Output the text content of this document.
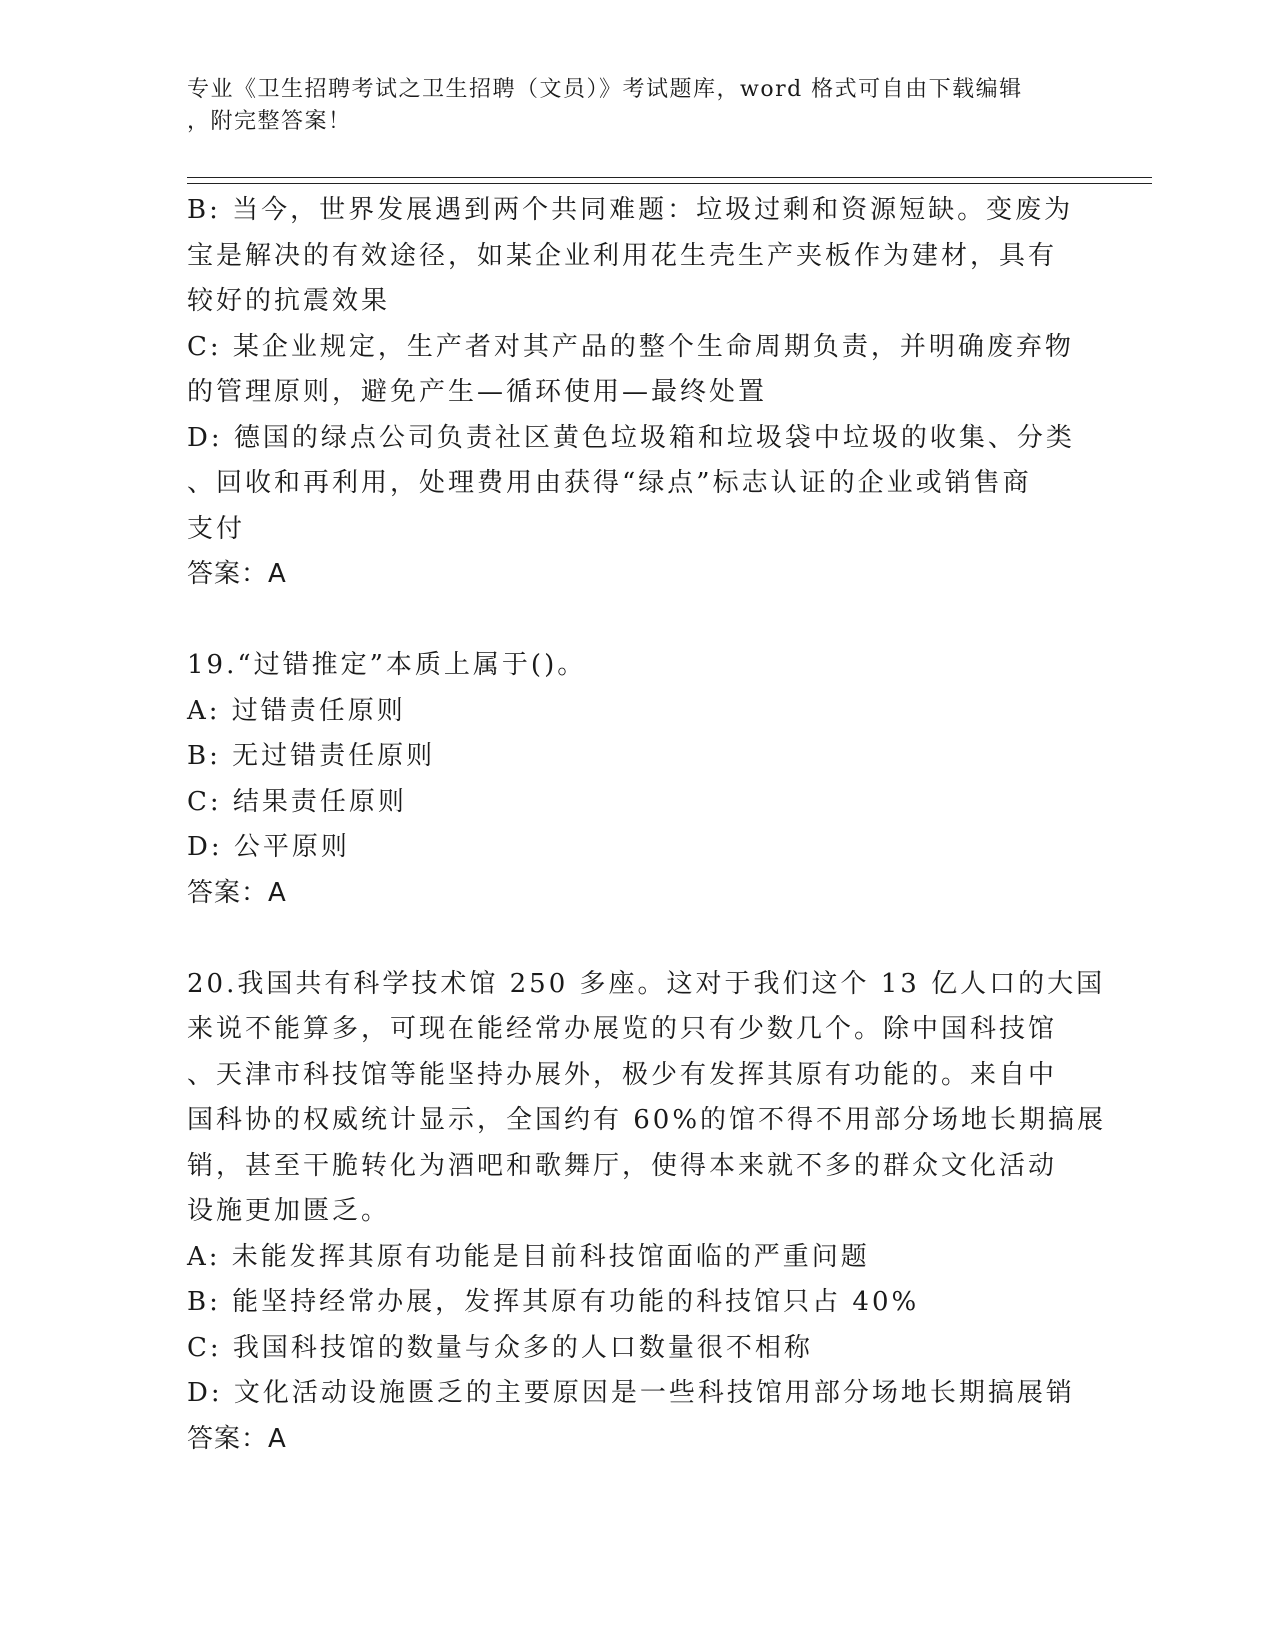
专业《卫生招聘考试之卫生招聘（文员）》考试题库，word 格式可自由下载编辑
，附完整答案！
B: 当今，世界发展遇到两个共同难题：垃圾过剩和资源短缺。变废为
宝是解决的有效途径，如某企业利用花生壳生产夹板作为建材，具有
较好的抗震效果
C: 某企业规定，生产者对其产品的整个生命周期负责，并明确废弃物
的管理原则，避免产生—循环使用—最终处置
D: 德国的绿点公司负责社区黄色垃圾箱和垃圾袋中垃圾的收集、分类
、回收和再利用，处理费用由获得“绿点”标志认证的企业或销售商
支付
答案：A
19.“过错推定”本质上属于()。
A: 过错责任原则
B: 无过错责任原则
C: 结果责任原则
D: 公平原则
答案：A
20.我国共有科学技术馆 250 多座。这对于我们这个 13 亿人口的大国
来说不能算多，可现在能经常办展览的只有少数几个。除中国科技馆
、天津市科技馆等能坚持办展外，极少有发挥其原有功能的。来自中
国科协的权威统计显示，全国约有 60%的馆不得不用部分场地长期搞展
销，甚至干脆转化为酒吧和歌舞厅，使得本来就不多的群众文化活动
设施更加匮乏。
A: 未能发挥其原有功能是目前科技馆面临的严重问题
B: 能坚持经常办展，发挥其原有功能的科技馆只占 40%
C: 我国科技馆的数量与众多的人口数量很不相称
D: 文化活动设施匮乏的主要原因是一些科技馆用部分场地长期搞展销
答案：A
